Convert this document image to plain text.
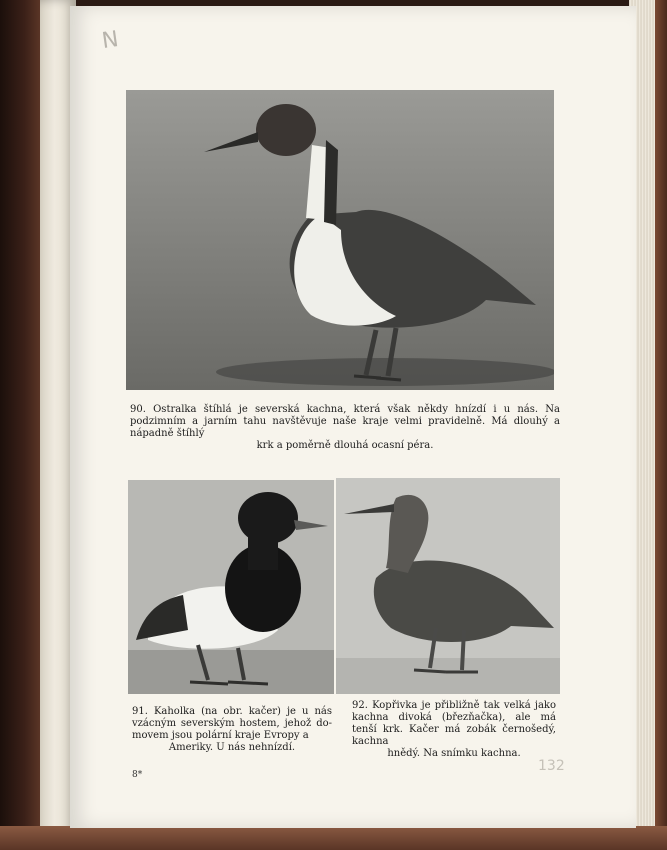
N
90. Ostralka štíhlá je severská kachna, která však někdy hnízdí i u nás. Na podzimním a jarním tahu navštěvuje naše kraje velmi pravidelně. Má dlouhý a nápadně štíhlý
krk a poměrně dlouhá ocasní péra.
91. Kaholka (na obr. kačer) je u nás vzácným severským hostem, jehož do- movem jsou polární kraje Evropy a
Ameriky. U nás nehnízdí.
92. Kopřivka je přibližně tak velká jako kachna divoká (březňačka), ale má tenší krk. Kačer má zobák černošedý, kachna
hnědý. Na snímku kachna.
8*
132
